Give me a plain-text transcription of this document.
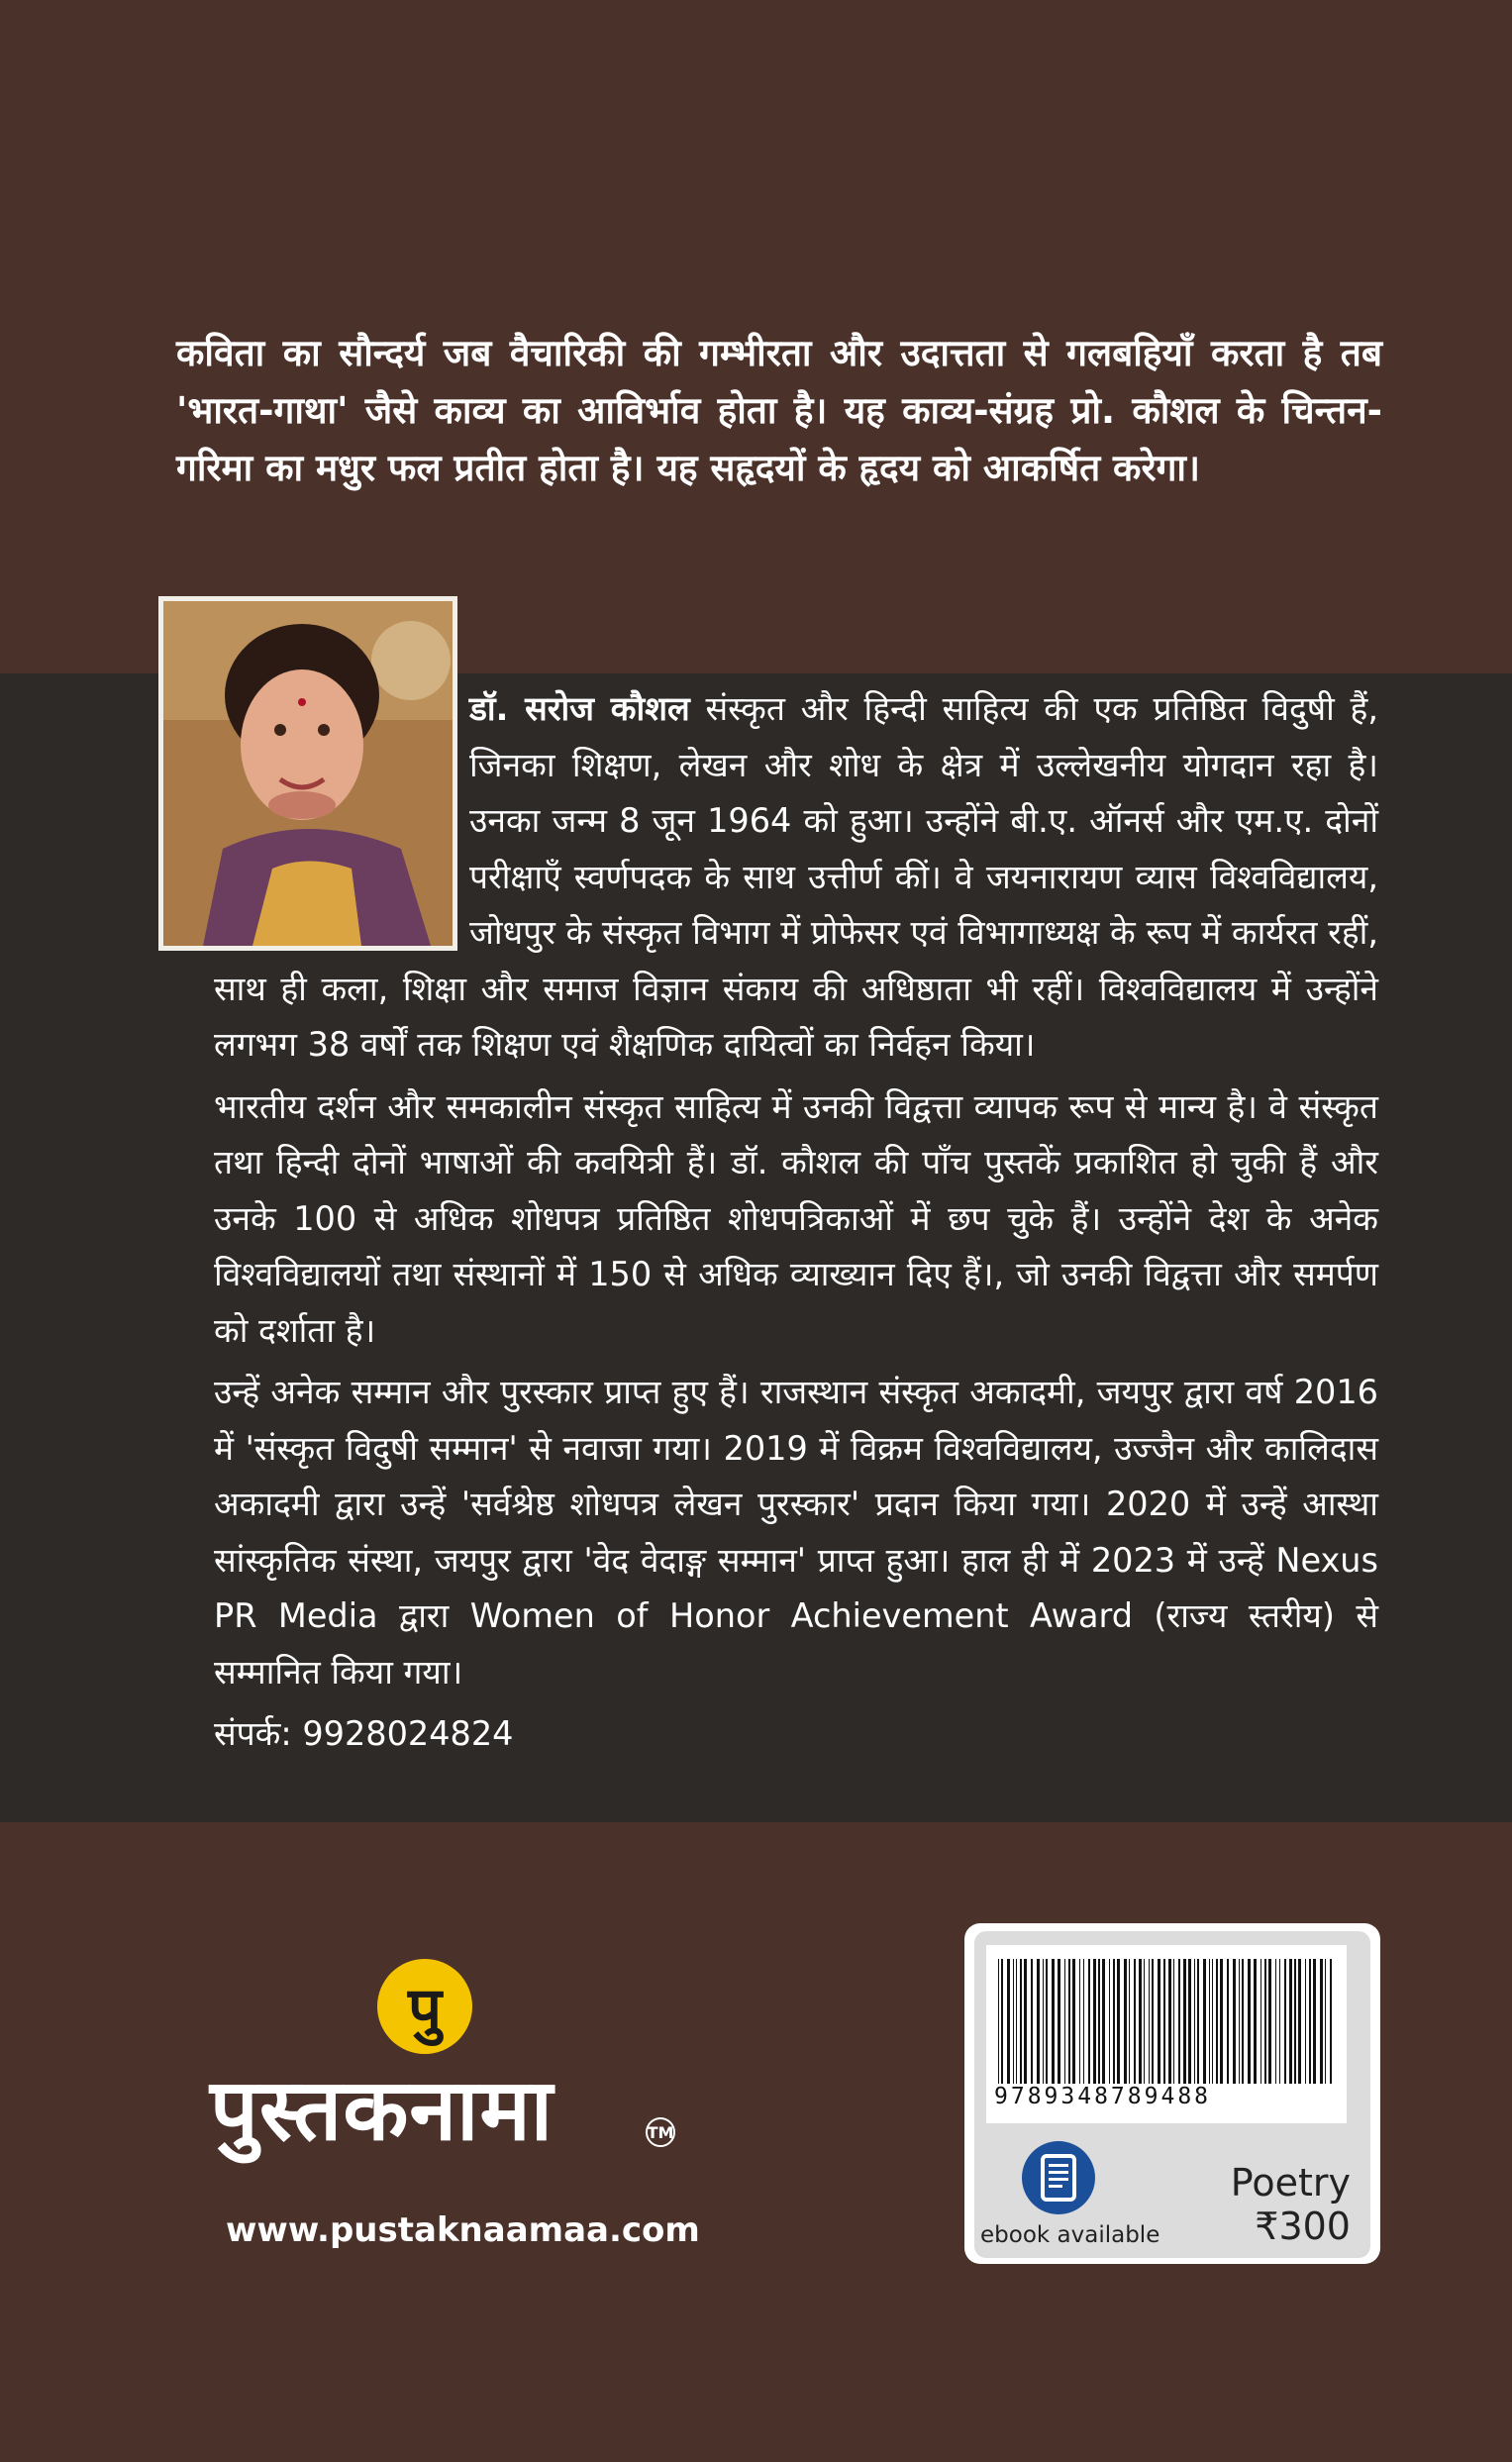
कविता का सौन्दर्य जब वैचारिकी की गम्भीरता और उदात्तता से गलबहियाँ करता है तब 'भारत-गाथा' जैसे काव्य का आविर्भाव होता है। यह काव्य-संग्रह प्रो. कौशल के चिन्तन-गरिमा का मधुर फल प्रतीत होता है। यह सहृदयों के हृदय को आकर्षित करेगा।

डॉ. सरोज कौशल संस्कृत और हिन्दी साहित्य की एक प्रतिष्ठित विदुषी हैं, जिनका शिक्षण, लेखन और शोध के क्षेत्र में उल्लेखनीय योगदान रहा है। उनका जन्म 8 जून 1964 को हुआ। उन्होंने बी.ए. ऑनर्स और एम.ए. दोनों परीक्षाएँ स्वर्णपदक के साथ उत्तीर्ण कीं। वे जयनारायण व्यास विश्वविद्यालय, जोधपुर के संस्कृत विभाग में प्रोफेसर एवं विभागाध्यक्ष के रूप में कार्यरत रहीं, साथ ही कला, शिक्षा और समाज विज्ञान संकाय की अधिष्ठाता भी रहीं। विश्वविद्यालय में उन्होंने लगभग 38 वर्षों तक शिक्षण एवं शैक्षणिक दायित्वों का निर्वहन किया।

भारतीय दर्शन और समकालीन संस्कृत साहित्य में उनकी विद्वत्ता व्यापक रूप से मान्य है। वे संस्कृत तथा हिन्दी दोनों भाषाओं की कवयित्री हैं। डॉ. कौशल की पाँच पुस्तकें प्रकाशित हो चुकी हैं और उनके 100 से अधिक शोधपत्र प्रतिष्ठित शोधपत्रिकाओं में छप चुके हैं। उन्होंने देश के अनेक विश्वविद्यालयों तथा संस्थानों में 150 से अधिक व्याख्यान दिए हैं।, जो उनकी विद्वत्ता और समर्पण को दर्शाता है।

उन्हें अनेक सम्मान और पुरस्कार प्राप्त हुए हैं। राजस्थान संस्कृत अकादमी, जयपुर द्वारा वर्ष 2016 में 'संस्कृत विदुषी सम्मान' से नवाजा गया। 2019 में विक्रम विश्वविद्यालय, उज्जैन और कालिदास अकादमी द्वारा उन्हें 'सर्वश्रेष्ठ शोधपत्र लेखन पुरस्कार' प्रदान किया गया। 2020 में उन्हें आस्था सांस्कृतिक संस्था, जयपुर द्वारा 'वेद वेदाङ्ग सम्मान' प्राप्त हुआ। हाल ही में 2023 में उन्हें Nexus PR Media द्वारा Women of Honor Achievement Award (राज्य स्तरीय) से सम्मानित किया गया।

संपर्क: 9928024824

पु
पुस्तकनामा	TM
www.pustaknaamaa.com
9789348789488
ebook available
Poetry
₹300
